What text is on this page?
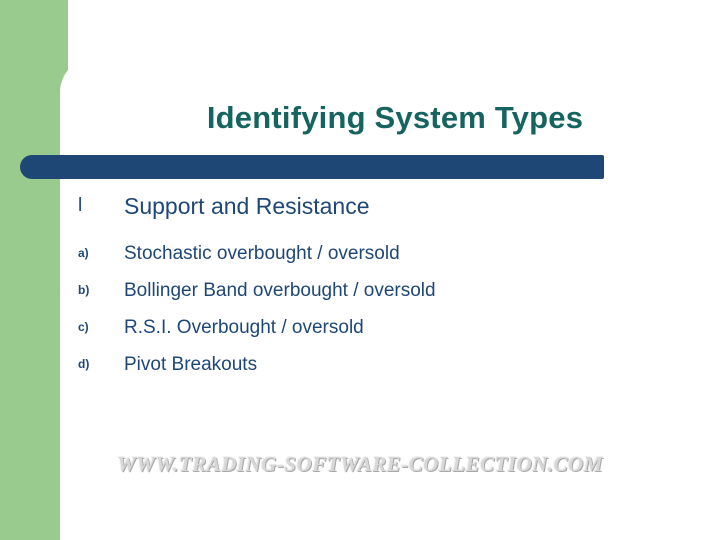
Identifying System Types
l	Support and Resistance
a)	Stochastic overbought / oversold
b)	Bollinger Band overbought / oversold
c)	R.S.I. Overbought / oversold
d)	Pivot Breakouts
WWW.TRADING-SOFTWARE-COLLECTION.COM
